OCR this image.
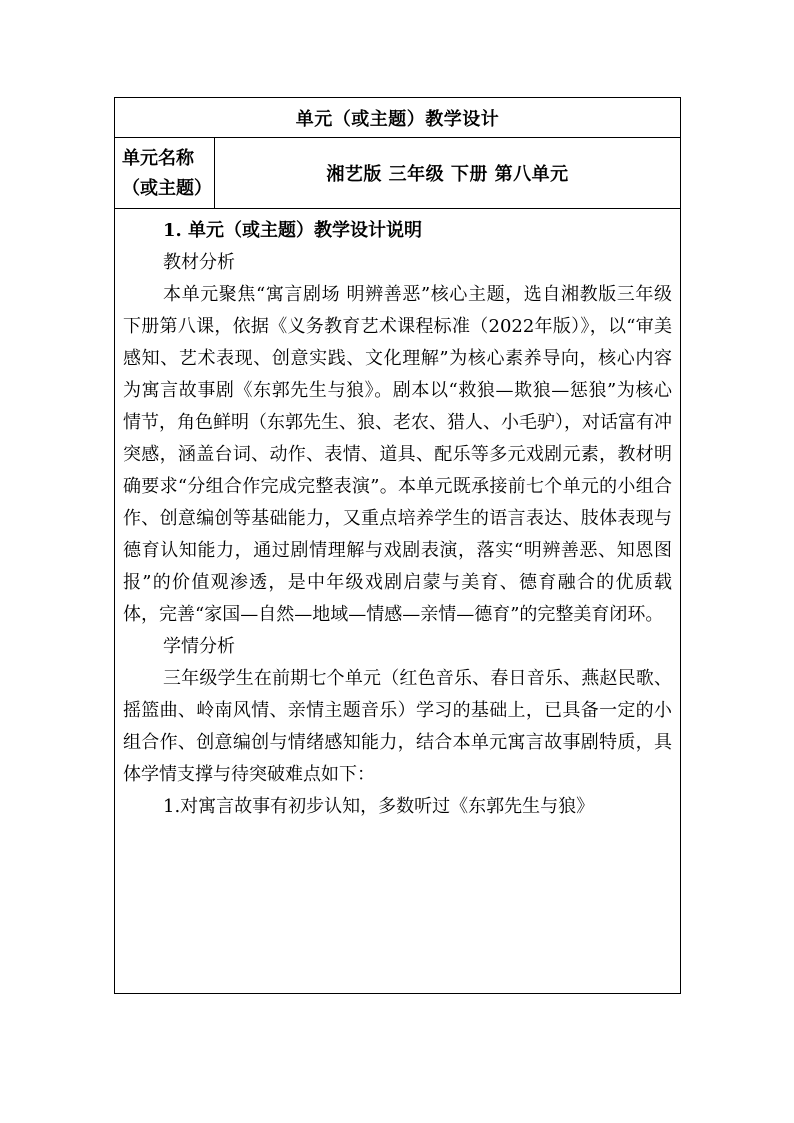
单元（或主题）教学设计
单元名称
（或主题）
湘艺版 三年级 下册 第八单元

1. 单元（或主题）教学设计说明

教材分析

本单元聚焦“寓言剧场 明辨善恶”核心主题，选自湘教版三年级下册第八课，依据《义务教育艺术课程标准（2022年版）》，以“审美感知、艺术表现、创意实践、文化理解”为核心素养导向，核心内容为寓言故事剧《东郭先生与狼》。剧本以“救狼—欺狼—惩狼”为核心情节，角色鲜明（东郭先生、狼、老农、猎人、小毛驴），对话富有冲突感，涵盖台词、动作、表情、道具、配乐等多元戏剧元素，教材明确要求“分组合作完成完整表演”。本单元既承接前七个单元的小组合作、创意编创等基础能力，又重点培养学生的语言表达、肢体表现与德育认知能力，通过剧情理解与戏剧表演，落实“明辨善恶、知恩图报”的价值观渗透，是中年级戏剧启蒙与美育、德育融合的优质载体，完善“家国—自然—地域—情感—亲情—德育”的完整美育闭环。

学情分析

三年级学生在前期七个单元（红色音乐、春日音乐、燕赵民歌、摇篮曲、岭南风情、亲情主题音乐）学习的基础上，已具备一定的小组合作、创意编创与情绪感知能力，结合本单元寓言故事剧特质，具体学情支撑与待突破难点如下：

1.对寓言故事有初步认知，多数听过《东郭先生与狼》
